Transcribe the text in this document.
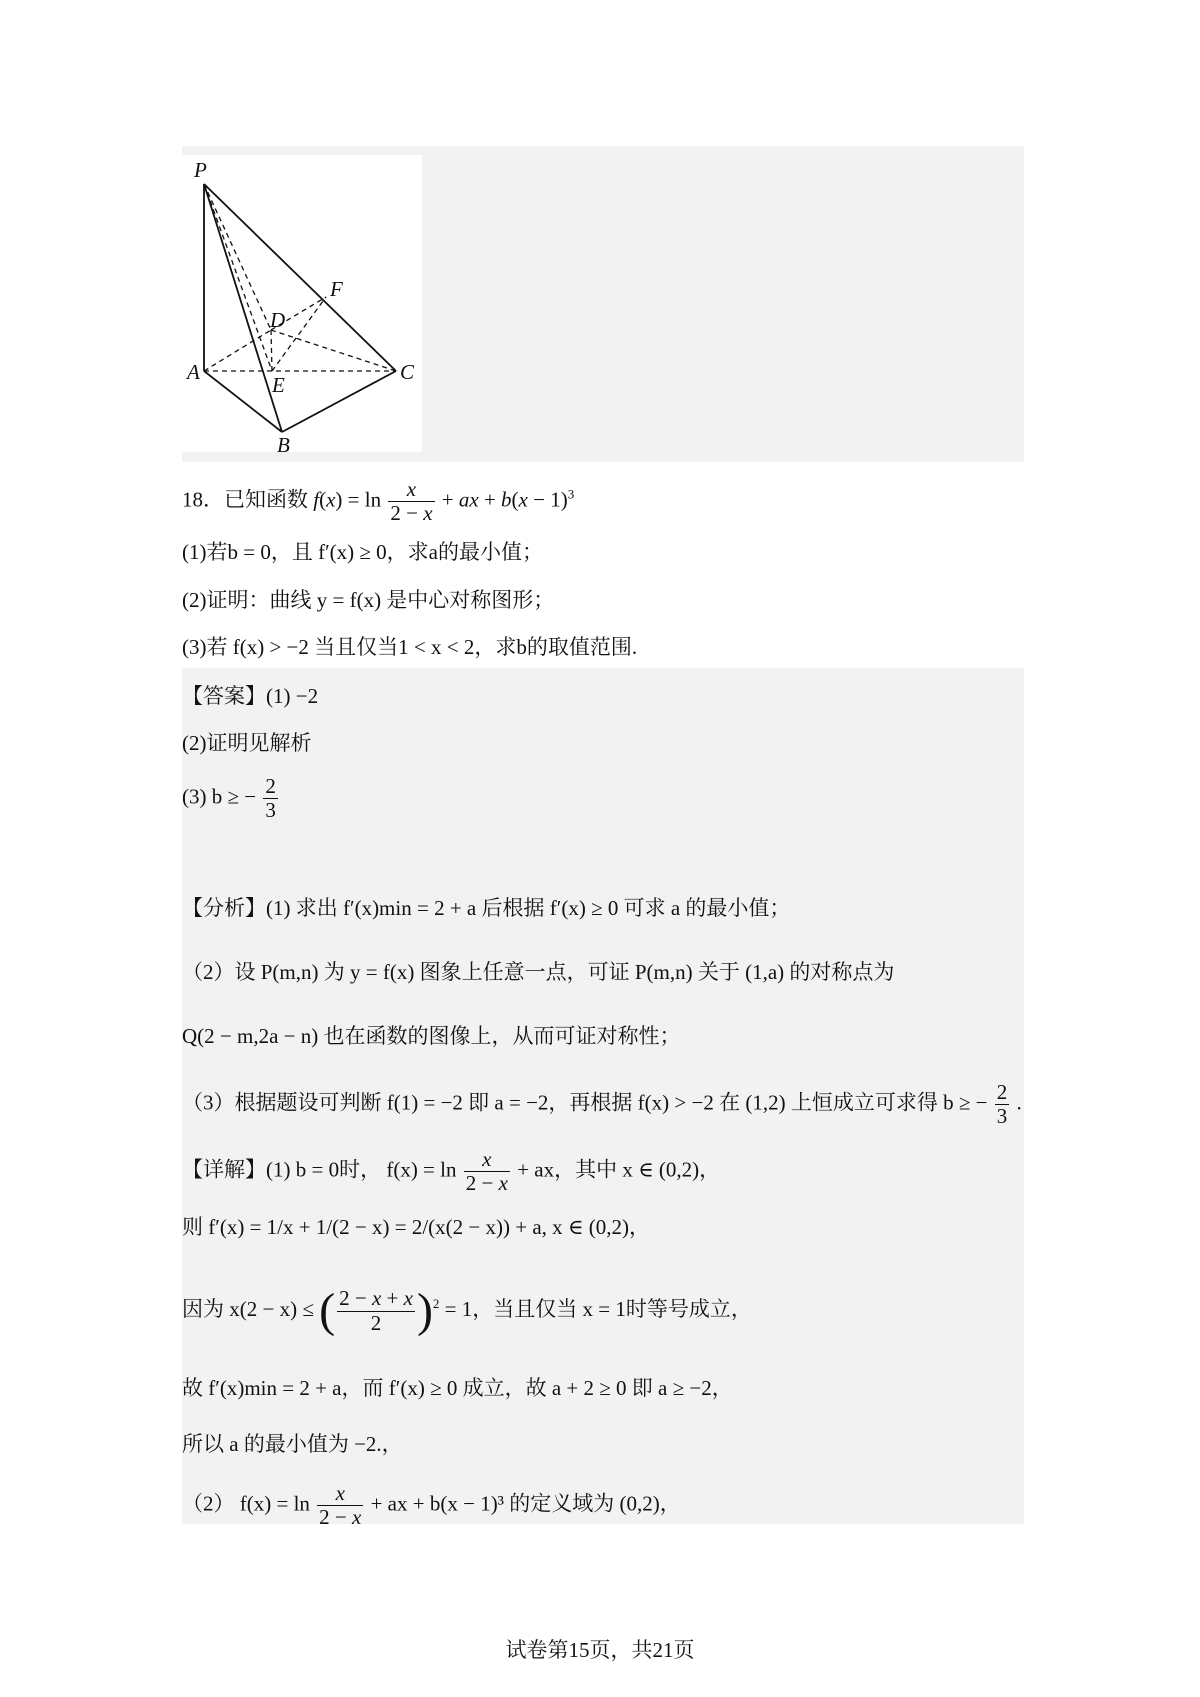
P
A
B
C
D
E
F
18．已知函数 $f(x) = \ln \frac{x}{2 - x}$ + ax + $b(x - 1)^3$
(1)若b = 0，且 f′(x) ≥ 0，求a的最小值；
(2)证明：曲线 y = f(x) 是中心对称图形；
(3)若 f(x) > −2 当且仅当1 < x < 2，求b的取值范围.
【答案】(1) −2
(2)证明见解析
(3) b ≥ − $\frac{2}{3}$
【分析】(1) 求出 f′(x)min = 2 + a 后根据 f′(x) ≥ 0 可求 a 的最小值；
（2）设 P(m,n) 为 y = f(x) 图象上任意一点，可证 P(m,n) 关于 (1,a) 的对称点为
Q(2 − m,2a − n) 也在函数的图像上，从而可证对称性；
（3）根据题设可判断 f(1) = −2 即 a = −2，再根据 f(x) > −2 在 (1,2) 上恒成立可求得 b ≥ − $\frac{2}{3}$ .
【详解】(1) b = 0时， $f(x) = \ln \frac{x}{2 - x}$ + ax，其中 x ∈ (0,2)，
则 f′(x) = 1/x + 1/(2 − x) = 2/(x(2 − x)) + a, x ∈ (0,2)，
因为 x(2 − x) ≤ ( $\frac{2 - x + x}{2} )^2 = 1$，当且仅当 x = 1时等号成立，
故 f′(x)min = 2 + a，而 f′(x) ≥ 0 成立，故 a + 2 ≥ 0 即 a ≥ −2，
所以 a 的最小值为 −2.，
（2） $f(x) = \ln \frac{x}{2 - x}$ + ax + b(x − 1)³ 的定义域为 (0,2)，
试卷第15页，共21页
